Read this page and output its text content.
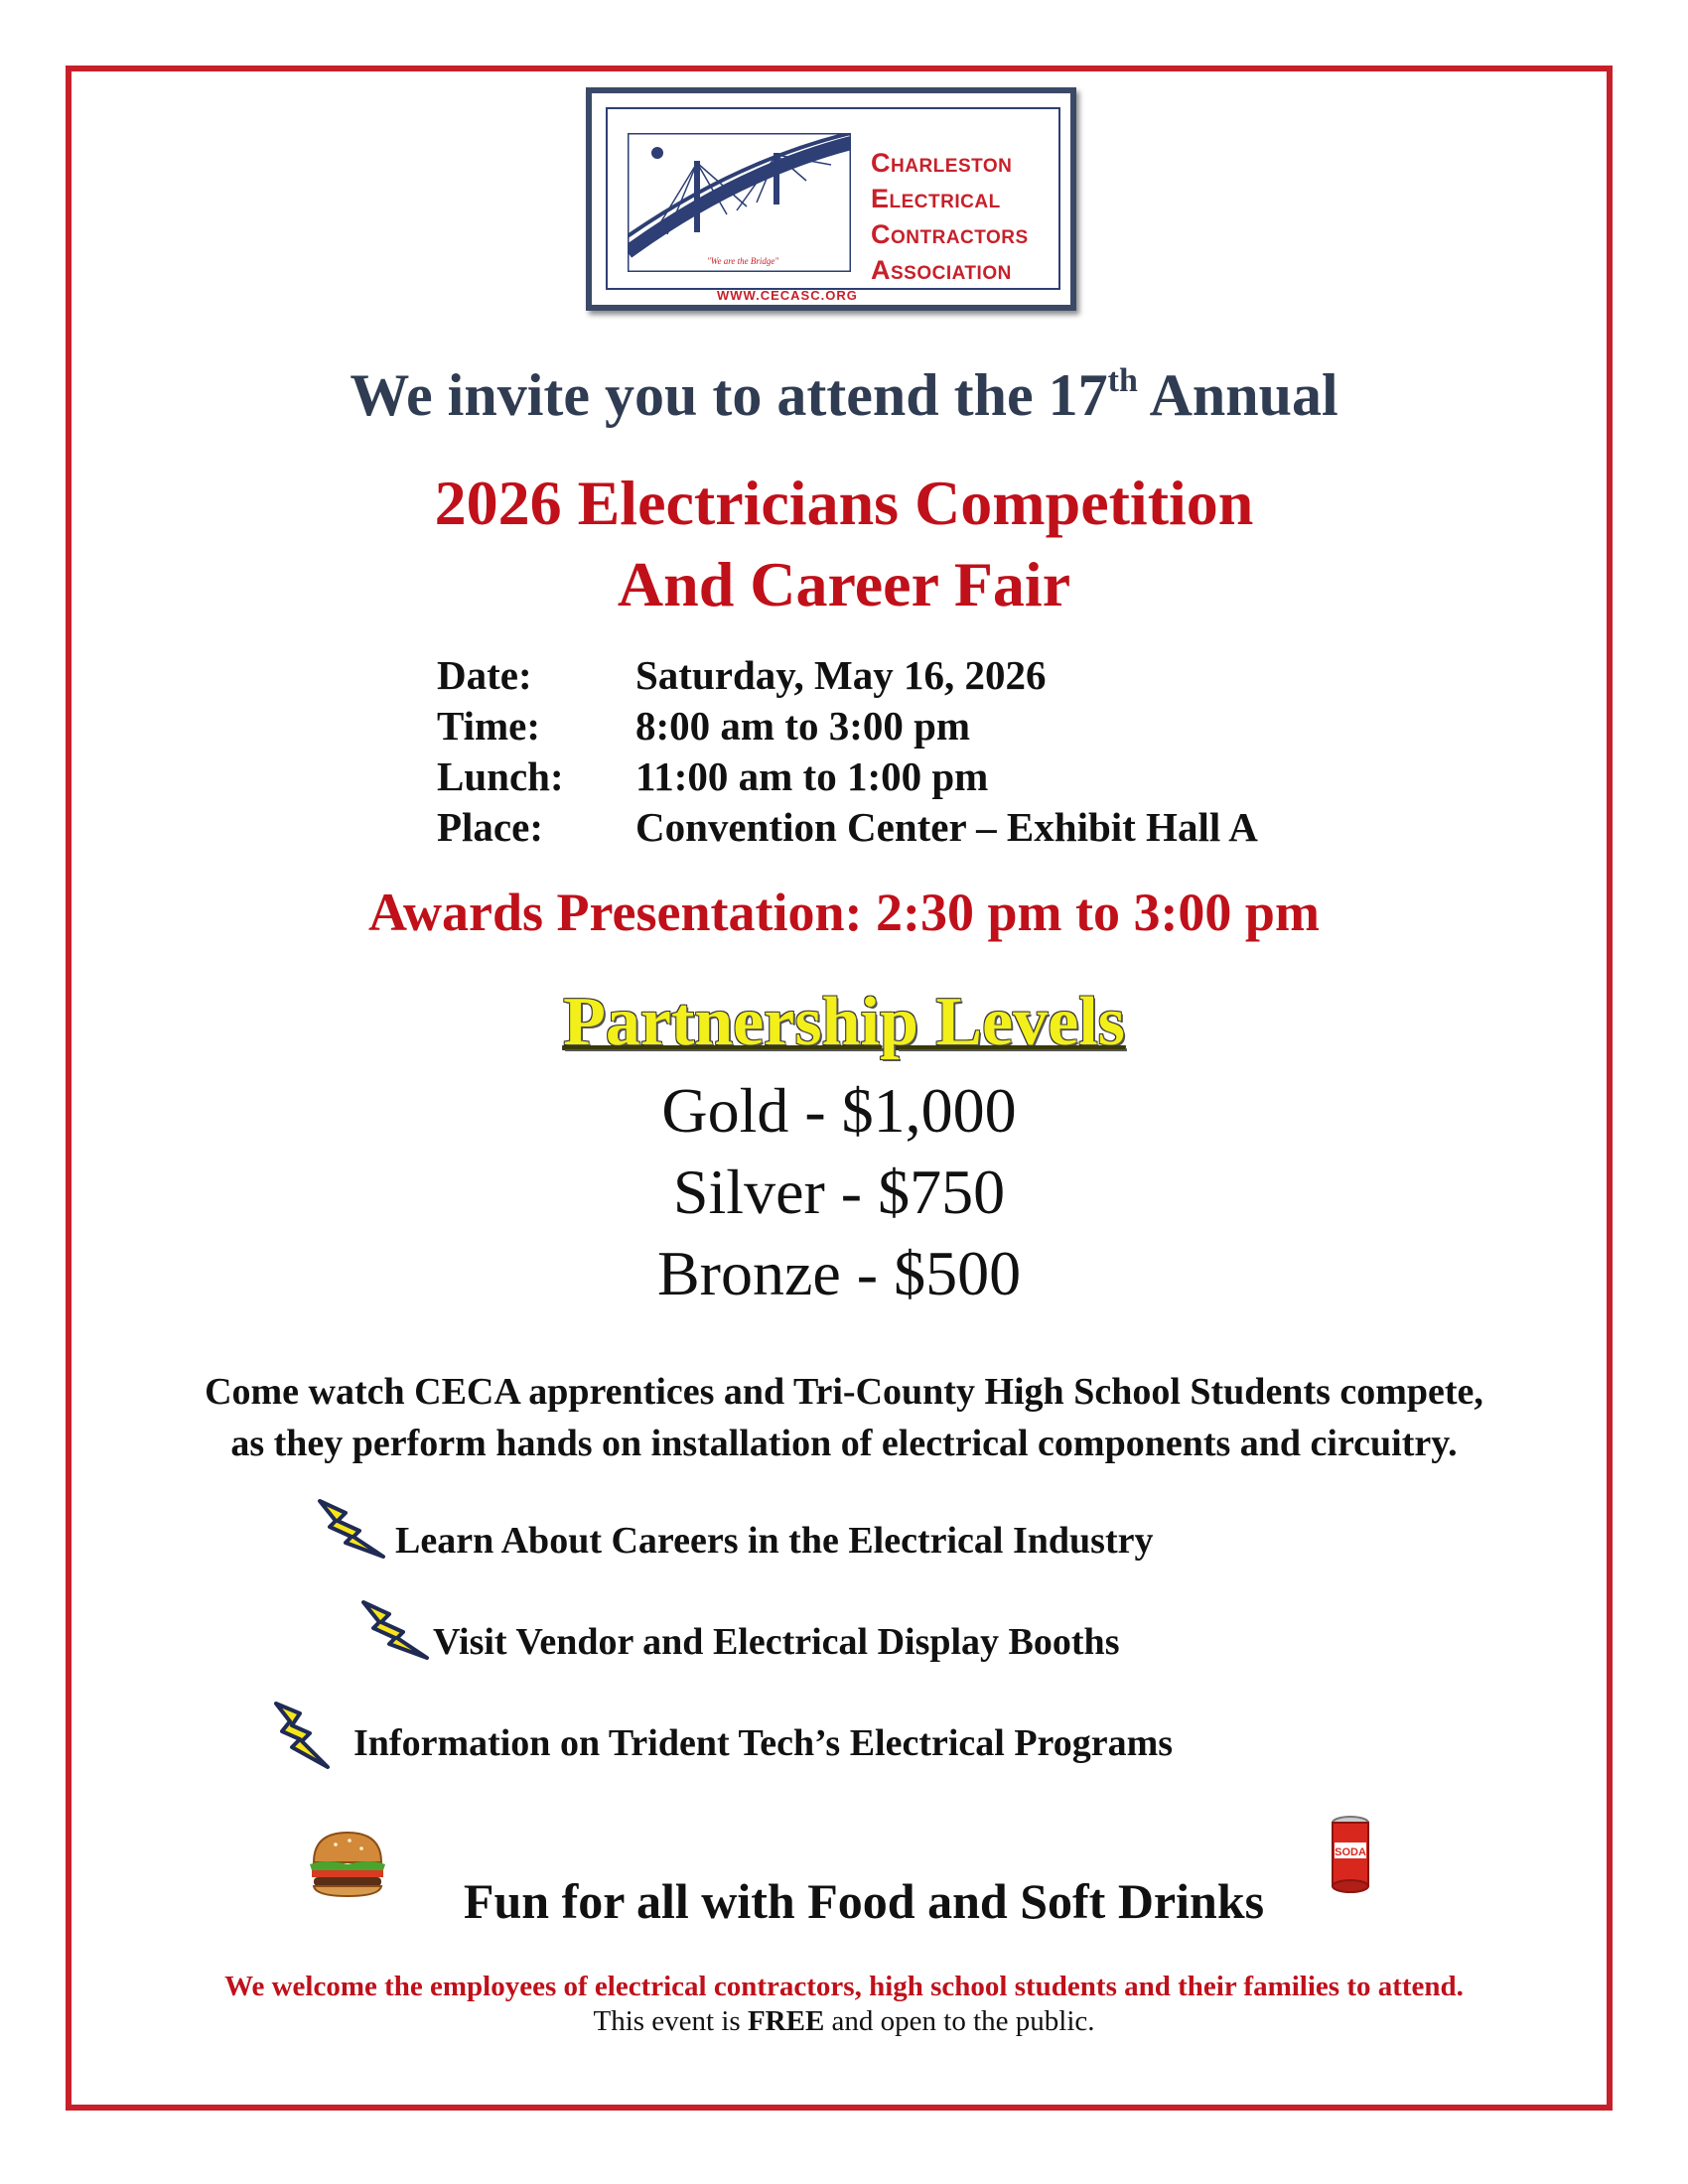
"We are the Bridge"
CHARLESTON
ELECTRICAL
CONTRACTORS
ASSOCIATION
WWW.CECASC.ORG
We invite you to attend the 17th Annual
2026 Electricians Competition
And Career Fair
Date:	Saturday, May 16, 2026
Time: 8:00 am to 3:00 pm
Lunch: 11:00 am to 1:00 pm
Place: Convention Center – Exhibit Hall A
Awards Presentation: 2:30 pm to 3:00 pm
Partnership Levels
Gold - $1,000
Silver - $750
Bronze - $500
Come watch CECA apprentices and Tri-County High School Students compete,
as they perform hands on installation of electrical components and circuitry.
Learn About Careers in the Electrical Industry
Visit Vendor and Electrical Display Booths
Information on Trident Tech’s Electrical Programs
Fun for all with Food and Soft Drinks
SODA
We welcome the employees of electrical contractors, high school students and their families to attend.
This event is FREE and open to the public.
